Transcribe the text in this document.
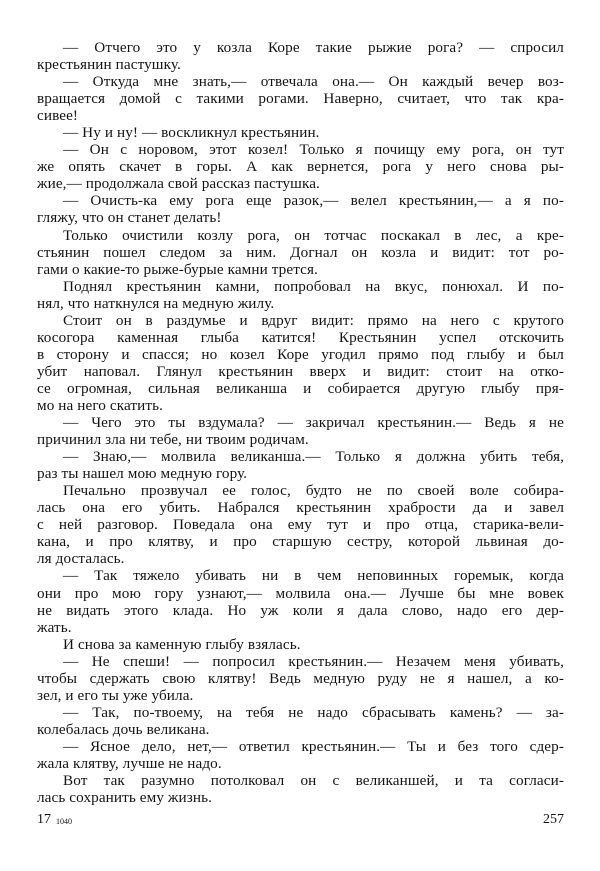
— Отчего это у козла Коре такие рыжие рога? — спросил
крестьянин пастушку.
— Откуда мне знать,— отвечала она.— Он каждый вечер воз-
вращается домой с такими рогами. Наверно, считает, что так кра-
сивее!
— Ну и ну! — воскликнул крестьянин.
— Он с норовом, этот козел! Только я почищу ему рога, он тут
же опять скачет в горы. А как вернется, рога у него снова ры-
жие,— продолжала свой рассказ пастушка.
— Очисть-ка ему рога еще разок,— велел крестьянин,— а я по-
гляжу, что он станет делать!
Только очистили козлу рога, он тотчас поскакал в лес, а кре-
стьянин пошел следом за ним. Догнал он козла и видит: тот ро-
гами о какие-то рыже-бурые камни трется.
Поднял крестьянин камни, попробовал на вкус, понюхал. И по-
нял, что наткнулся на медную жилу.
Стоит он в раздумье и вдруг видит: прямо на него с крутого
косогора каменная глыба катится! Крестьянин успел отскочить
в сторону и спасся; но козел Коре угодил прямо под глыбу и был
убит наповал. Глянул крестьянин вверх и видит: стоит на отко-
се огромная, сильная великанша и собирается другую глыбу пря-
мо на него скатить.
— Чего это ты вздумала? — закричал крестьянин.— Ведь я не
причинил зла ни тебе, ни твоим родичам.
— Знаю,— молвила великанша.— Только я должна убить тебя,
раз ты нашел мою медную гору.
Печально прозвучал ее голос, будто не по своей воле собира-
лась она его убить. Набрался крестьянин храбрости да и завел
с ней разговор. Поведала она ему тут и про отца, старика-вели-
кана, и про клятву, и про старшую сестру, которой львиная до-
ля досталась.
— Так тяжело убивать ни в чем неповинных горемык, когда
они про мою гору узнают,— молвила она.— Лучше бы мне вовек
не видать этого клада. Но уж коли я дала слово, надо его дер-
жать.
И снова за каменную глыбу взялась.
— Не спеши! — попросил крестьянин.— Незачем меня убивать,
чтобы сдержать свою клятву! Ведь медную руду не я нашел, а ко-
зел, и его ты уже убила.
— Так, по-твоему, на тебя не надо сбрасывать камень? — за-
колебалась дочь великана.
— Ясное дело, нет,— ответил крестьянин.— Ты и без того сдер-
жала клятву, лучше не надо.
Вот так разумно потолковал он с великаншей, и та согласи-
лась сохранить ему жизнь.
17 1040	257
